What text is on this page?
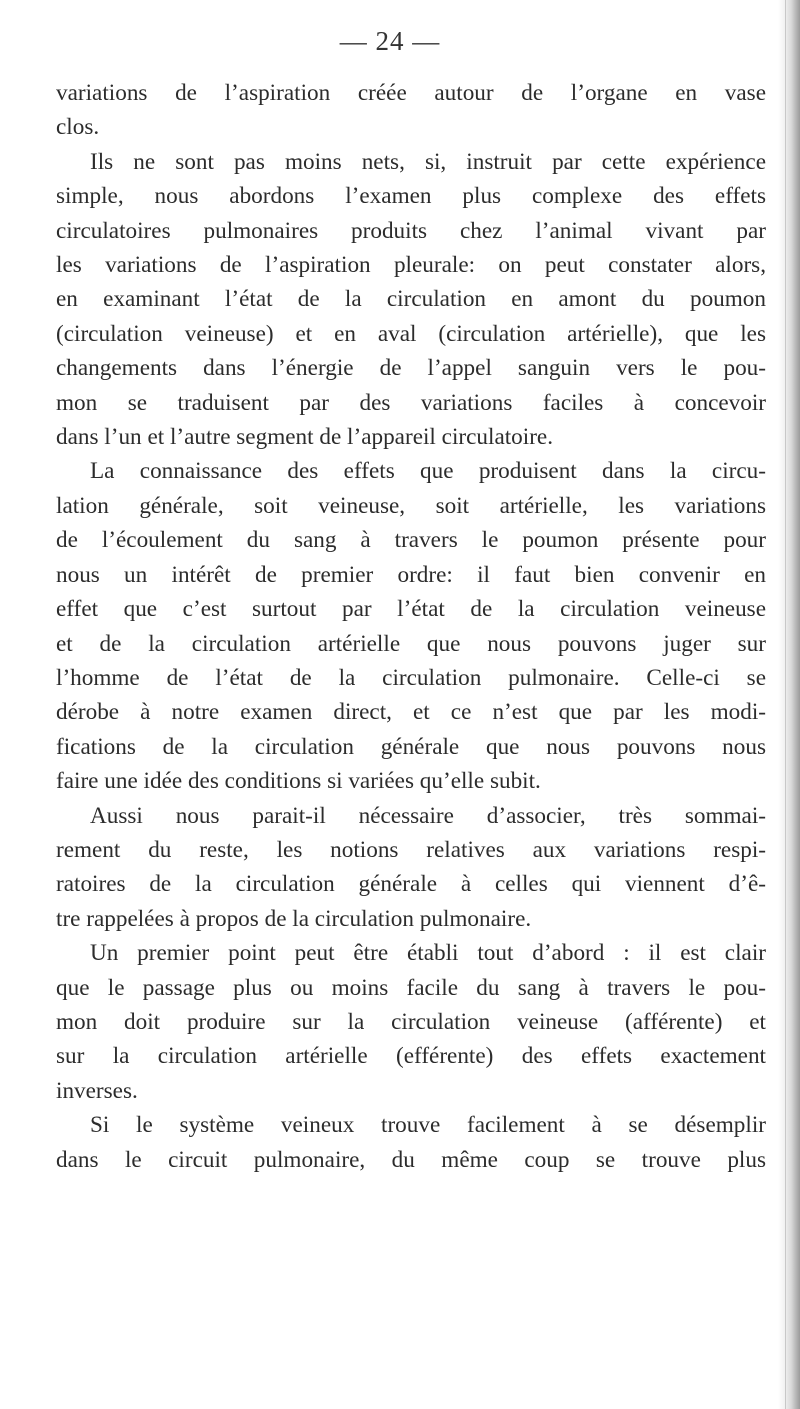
— 24 —
variations de l’aspiration créée autour de l’organe en vase
clos.
Ils ne sont pas moins nets, si, instruit par cette expérience
simple, nous abordons l’examen plus complexe des effets
circulatoires pulmonaires produits chez l’animal vivant par
les variations de l’aspiration pleurale: on peut constater alors,
en examinant l’état de la circulation en amont du poumon
(circulation veineuse) et en aval (circulation artérielle), que les
changements dans l’énergie de l’appel sanguin vers le pou-
mon se traduisent par des variations faciles à concevoir
dans l’un et l’autre segment de l’appareil circulatoire.
La connaissance des effets que produisent dans la circu-
lation générale, soit veineuse, soit artérielle, les variations
de l’écoulement du sang à travers le poumon présente pour
nous un intérêt de premier ordre: il faut bien convenir en
effet que c’est surtout par l’état de la circulation veineuse
et de la circulation artérielle que nous pouvons juger sur
l’homme de l’état de la circulation pulmonaire. Celle-ci se
dérobe à notre examen direct, et ce n’est que par les modi-
fications de la circulation générale que nous pouvons nous
faire une idée des conditions si variées qu’elle subit.
Aussi nous parait-il nécessaire d’associer, très sommai-
rement du reste, les notions relatives aux variations respi-
ratoires de la circulation générale à celles qui viennent d’ê-
tre rappelées à propos de la circulation pulmonaire.
Un premier point peut être établi tout d’abord : il est clair
que le passage plus ou moins facile du sang à travers le pou-
mon doit produire sur la circulation veineuse (afférente) et
sur la circulation artérielle (efférente) des effets exactement
inverses.
Si le système veineux trouve facilement à se désemplir
dans le circuit pulmonaire, du même coup se trouve plus
